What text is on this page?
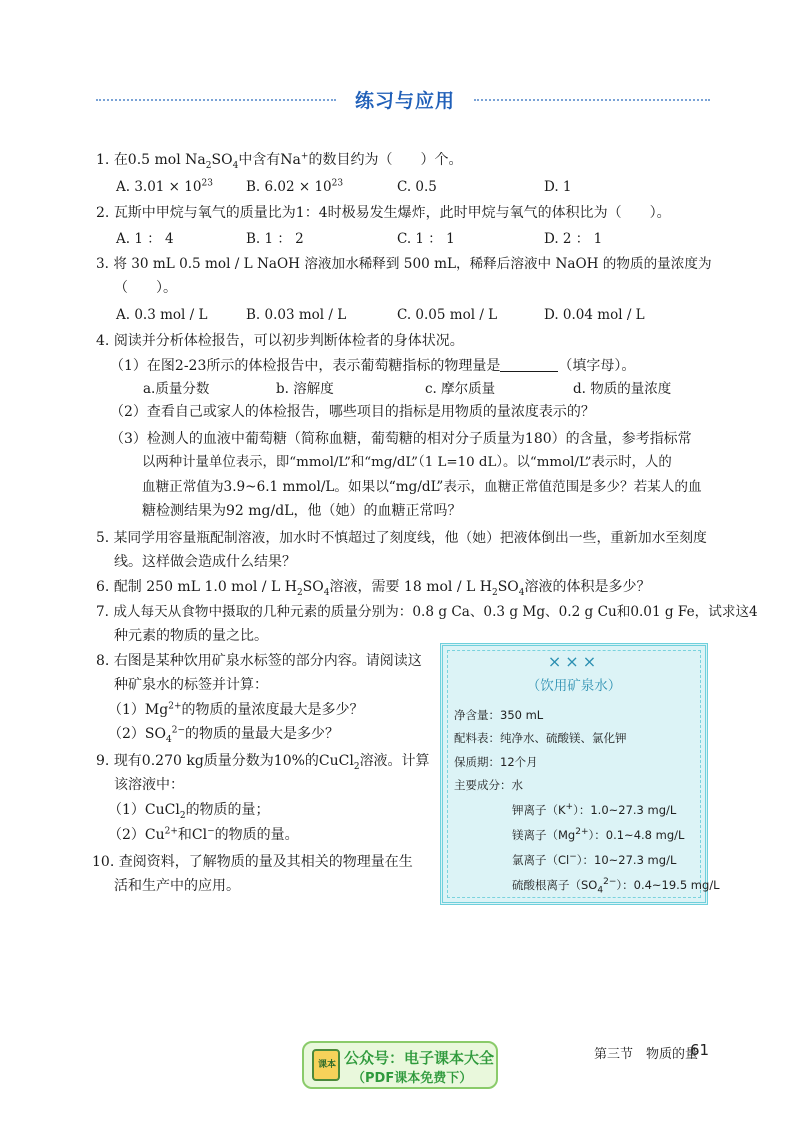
练习与应用
1. 在0.5 mol $Na_2SO_4$中含有Na+的数目约为（　　）个。
A. $3.01 \times 10^{23}$ B. $6.02 \times 10^{23}$	C. 0.5	D. 1
2. 瓦斯中甲烷与氧气的质量比为1：4时极易发生爆炸，此时甲烷与氧气的体积比为（　　）。
A. 1 ： 4	B. 1 ： 2	C. 1 ： 1	D. 2 ： 1
3. 将 30 mL 0.5 mol / L NaOH 溶液加水稀释到 500 mL，稀释后溶液中 NaOH 的物质的量浓度为
（　　）。
A. 0.3 mol / L	B. 0.03 mol / L	C. 0.05 mol / L	D. 0.04 mol / L
4. 阅读并分析体检报告，可以初步判断体检者的身体状况。
（1）在图2-23所示的体检报告中，表示葡萄糖指标的物理量是	（填字母）。
a.质量分数	b. 溶解度	c. 摩尔质量	d. 物质的量浓度
（2）查看自己或家人的体检报告，哪些项目的指标是用物质的量浓度表示的？
（3）检测人的血液中葡萄糖（简称血糖，葡萄糖的相对分子质量为180）的含量，参考指标常
以两种计量单位表示，即“mmol/L”和“mg/dL”（1 L=10 dL）。以“mmol/L”表示时，人的
血糖正常值为3.9~6.1 mmol/L。如果以“mg/dL”表示，血糖正常值范围是多少？若某人的血
糖检测结果为92 mg/dL，他（她）的血糖正常吗？
5. 某同学用容量瓶配制溶液，加水时不慎超过了刻度线，他（她）把液体倒出一些，重新加水至刻度
线。这样做会造成什么结果？
6. 配制 250 mL 1.0 mol / L $H_2SO_4$溶液，需要 18 mol / L $H_2SO_4$溶液的体积是多少？
7. 成人每天从食物中摄取的几种元素的质量分别为：0.8 g Ca、0.3 g Mg、0.2 g Cu和0.01 g Fe，试求这4
种元素的物质的量之比。
8. 右图是某种饮用矿泉水标签的部分内容。请阅读这
种矿泉水的标签并计算：
$(1)Mg^{2+}$的物质的量浓度最大是多少？
$(2)SO_4^{2-}$的物质的量最大是多少？
9. 现有0.270 kg质量分数为10%的CuCl$_2$溶液。计算
该溶液中：
（1）CuCl$_2$的物质的量；
$(2)Cu^{2+}$和Cl−的物质的量。
10. 查阅资料，了解物质的量及其相关的物理量在生
活和生产中的应用。
×××
（饮用矿泉水）
净含量：350 mL
配料表：纯净水、硫酸镁、氯化钾
保质期：12个月
主要成分：水
钾离子（K+）：1.0~27.3 mg/L
镁离子$(Mg^{2+})$：0.1~4.8 mg/L
氯离子（Cl−）：10~27.3 mg/L
硫酸根离子$(SO_4^{2-})$：0.4~19.5 mg/L
课本 公众号：电子课本大全
（PDF课本免费下）
第三节　物质的量
61
